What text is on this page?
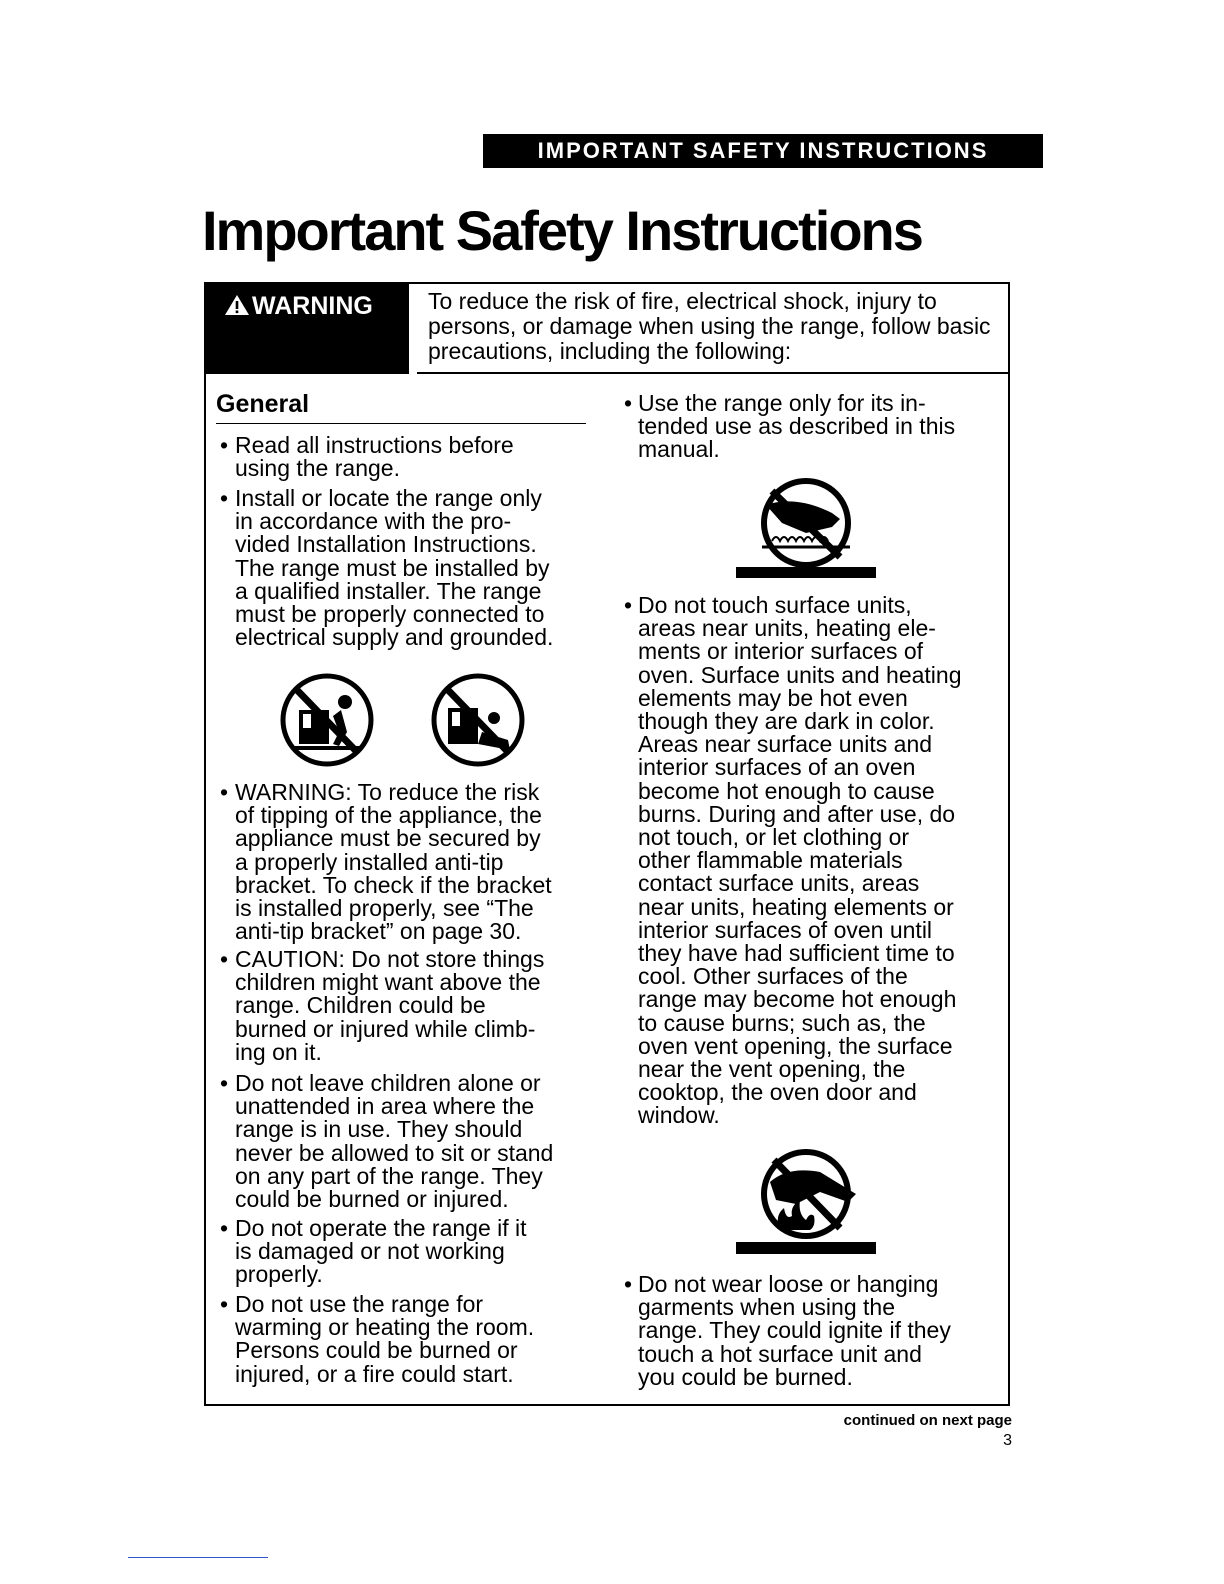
IMPORTANT SAFETY INSTRUCTIONS
Important Safety Instructions
WARNING	To reduce the risk of fire, electrical shock, injury to persons, or damage when using the range, follow basic precautions, including the following:
General
• Read all instructions before
using the range.
• Install or locate the range only
in accordance with the pro-
vided Installation Instructions.
The range must be installed by
a qualified installer. The range
must be properly connected to
electrical supply and grounded.
• WARNING: To reduce the risk
of tipping of the appliance, the
appliance must be secured by
a properly installed anti-tip
bracket. To check if the bracket
is installed properly, see “The
anti-tip bracket” on page 30.
• CAUTION: Do not store things
children might want above the
range. Children could be
burned or injured while climb-
ing on it.
• Do not leave children alone or
unattended in area where the
range is in use. They should
never be allowed to sit or stand
on any part of the range. They
could be burned or injured.
• Do not operate the range if it
is damaged or not working
properly.
• Do not use the range for
warming or heating the room.
Persons could be burned or
injured, or a fire could start.
• Use the range only for its in-
tended use as described in this
manual.
• Do not touch surface units,
areas near units, heating ele-
ments or interior surfaces of
oven. Surface units and heating
elements may be hot even
though they are dark in color.
Areas near surface units and
interior surfaces of an oven
become hot enough to cause
burns. During and after use, do
not touch, or let clothing or
other flammable materials
contact surface units, areas
near units, heating elements or
interior surfaces of oven until
they have had sufficient time to
cool. Other surfaces of the
range may become hot enough
to cause burns; such as, the
oven vent opening, the surface
near the vent opening, the
cooktop, the oven door and
window.
• Do not wear loose or hanging
garments when using the
range. They could ignite if they
touch a hot surface unit and
you could be burned.
continued on next page
3
